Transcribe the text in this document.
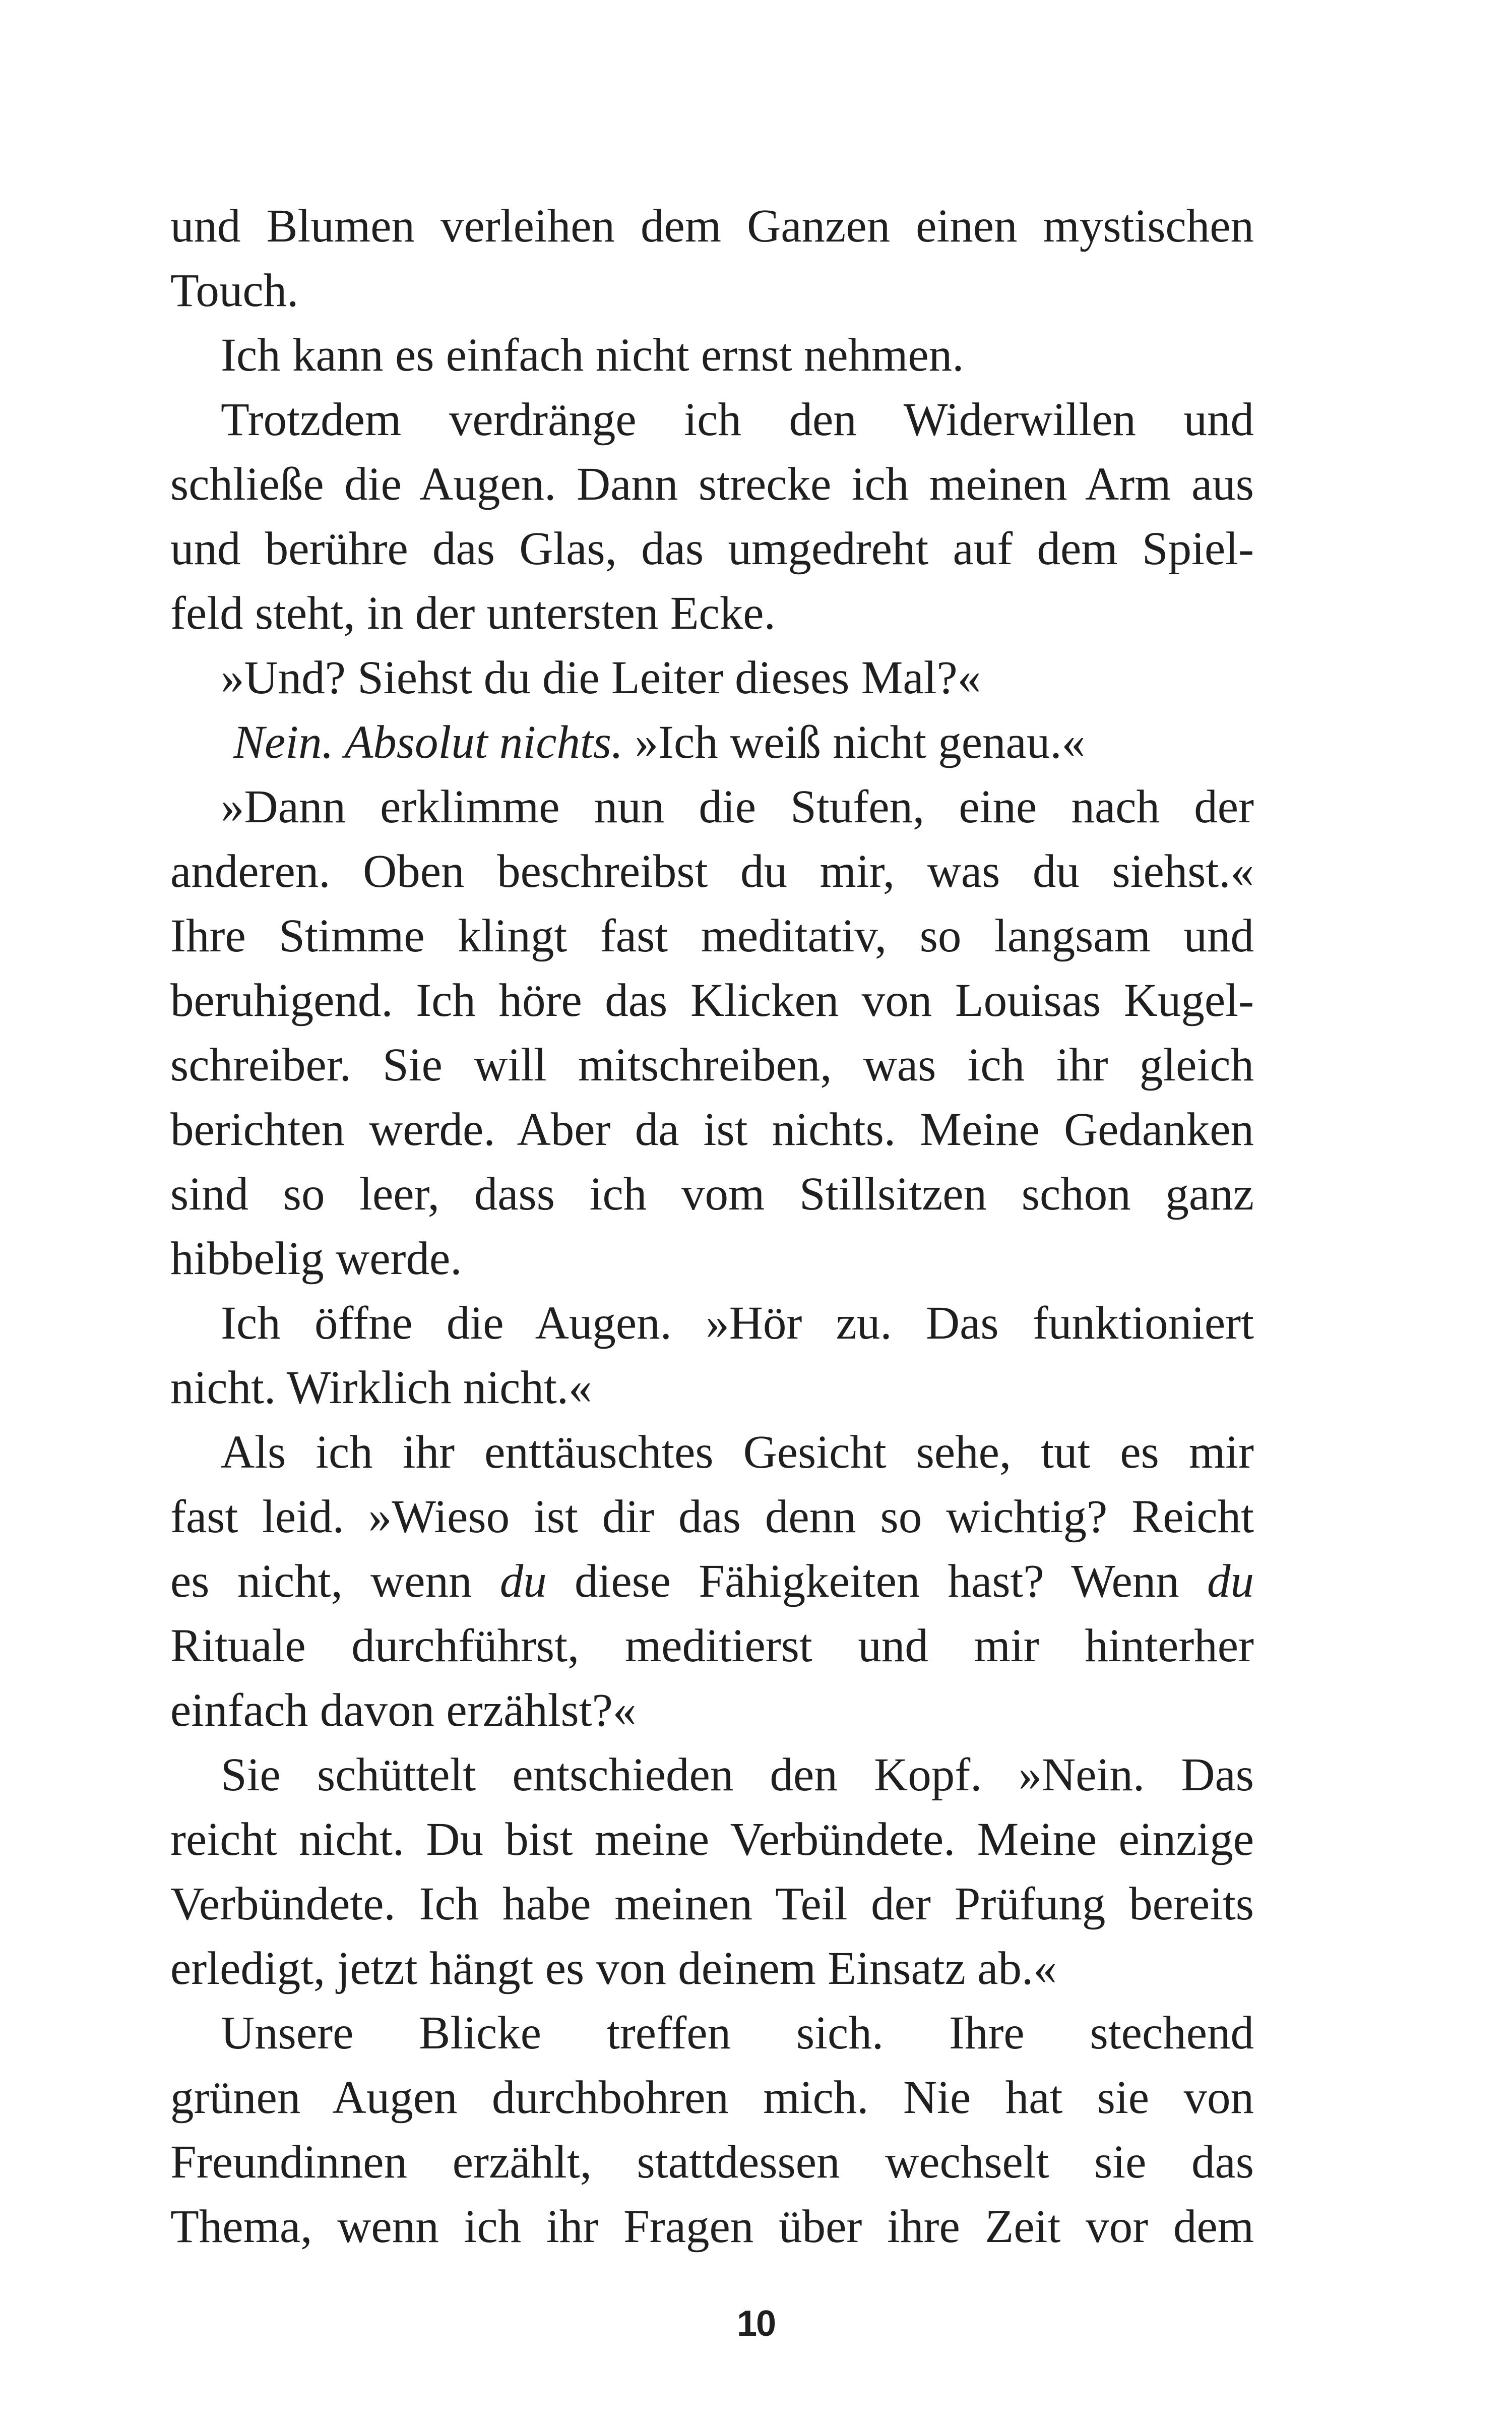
und Blumen verleihen dem Ganzen einen mystischen
Touch.
Ich kann es einfach nicht ernst nehmen.
Trotzdem verdränge ich den Widerwillen und
schließe die Augen. Dann strecke ich meinen Arm aus
und berühre das Glas, das umgedreht auf dem Spiel-
feld steht, in der untersten Ecke.
»Und? Siehst du die Leiter dieses Mal?«
Nein. Absolut nichts. »Ich weiß nicht genau.«
»Dann erklimme nun die Stufen, eine nach der
anderen. Oben beschreibst du mir, was du siehst.«
Ihre Stimme klingt fast meditativ, so langsam und
beruhigend. Ich höre das Klicken von Louisas Kugel-
schreiber. Sie will mitschreiben, was ich ihr gleich
berichten werde. Aber da ist nichts. Meine Gedanken
sind so leer, dass ich vom Stillsitzen schon ganz
hibbelig werde.
Ich öffne die Augen. »Hör zu. Das funktioniert
nicht. Wirklich nicht.«
Als ich ihr enttäuschtes Gesicht sehe, tut es mir
fast leid. »Wieso ist dir das denn so wichtig? Reicht
es nicht, wenn du diese Fähigkeiten hast? Wenn du
Rituale durchführst, meditierst und mir hinterher
einfach davon erzählst?«
Sie schüttelt entschieden den Kopf. »Nein. Das
reicht nicht. Du bist meine Verbündete. Meine einzige
Verbündete. Ich habe meinen Teil der Prüfung bereits
erledigt, jetzt hängt es von deinem Einsatz ab.«
Unsere Blicke treffen sich. Ihre stechend
grünen Augen durchbohren mich. Nie hat sie von
Freundinnen erzählt, stattdessen wechselt sie das
Thema, wenn ich ihr Fragen über ihre Zeit vor dem
10
